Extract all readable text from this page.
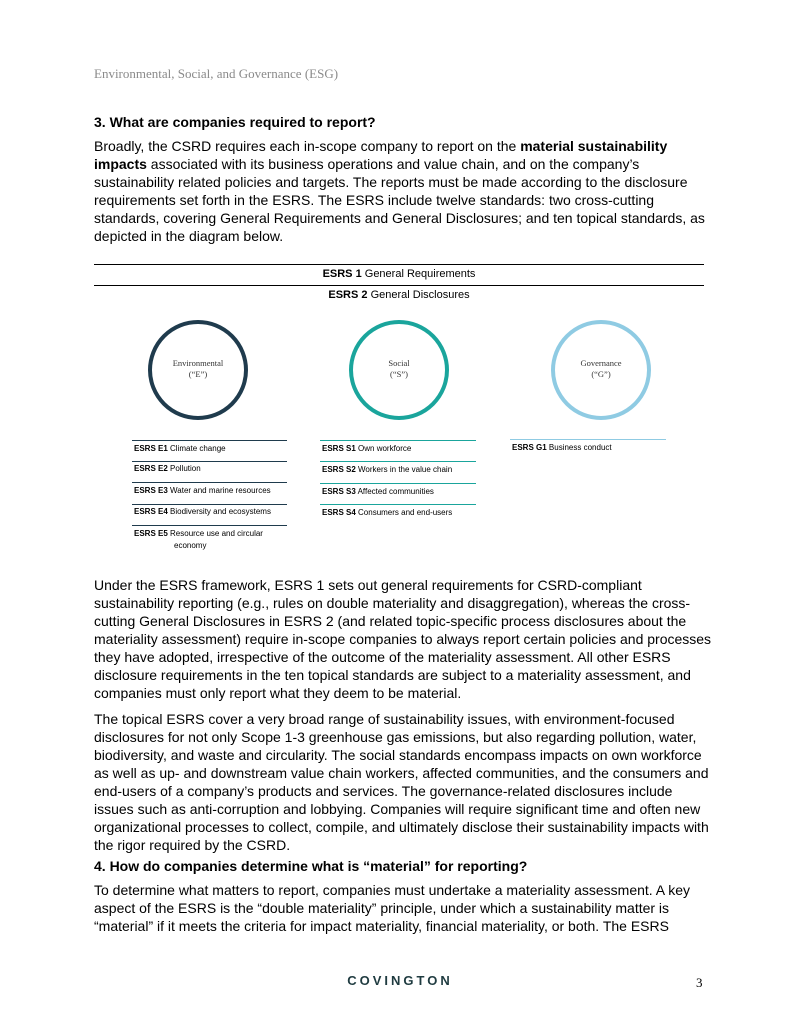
Environmental, Social, and Governance (ESG)
3. What are companies required to report?

Broadly, the CSRD requires each in-scope company to report on the material sustainability impacts associated with its business operations and value chain, and on the company’s sustainability related policies and targets. The reports must be made according to the disclosure requirements set forth in the ESRS. The ESRS include twelve standards: two cross-cutting standards, covering General Requirements and General Disclosures; and ten topical standards, as depicted in the diagram below.

ESRS 1 General Requirements
ESRS 2 General Disclosures
Environmental
(“E”)
Social
(“S”)
Governance
(“G”)
ESRS E1 Climate change
ESRS E2 Pollution
ESRS E3 Water and marine resources
ESRS E4 Biodiversity and ecosystems
ESRS E5 Resource use and circular
economy
ESRS S1 Own workforce
ESRS S2 Workers in the value chain
ESRS S3 Affected communities
ESRS S4 Consumers and end-users
ESRS G1 Business conduct

Under the ESRS framework, ESRS 1 sets out general requirements for CSRD-compliant sustainability reporting (e.g., rules on double materiality and disaggregation), whereas the cross-cutting General Disclosures in ESRS 2 (and related topic-specific process disclosures about the materiality assessment) require in-scope companies to always report certain policies and processes they have adopted, irrespective of the outcome of the materiality assessment. All other ESRS disclosure requirements in the ten topical standards are subject to a materiality assessment, and companies must only report what they deem to be material.

The topical ESRS cover a very broad range of sustainability issues, with environment-focused disclosures for not only Scope 1-3 greenhouse gas emissions, but also regarding pollution, water, biodiversity, and waste and circularity. The social standards encompass impacts on own workforce as well as up- and downstream value chain workers, affected communities, and the consumers and end-users of a company’s products and services. The governance-related disclosures include issues such as anti-corruption and lobbying. Companies will require significant time and often new organizational processes to collect, compile, and ultimately disclose their sustainability impacts with the rigor required by the CSRD.

4. How do companies determine what is “material” for reporting?

To determine what matters to report, companies must undertake a materiality assessment. A key aspect of the ESRS is the “double materiality” principle, under which a sustainability matter is “material” if it meets the criteria for impact materiality, financial materiality, or both. The ESRS

COVINGTON	3
